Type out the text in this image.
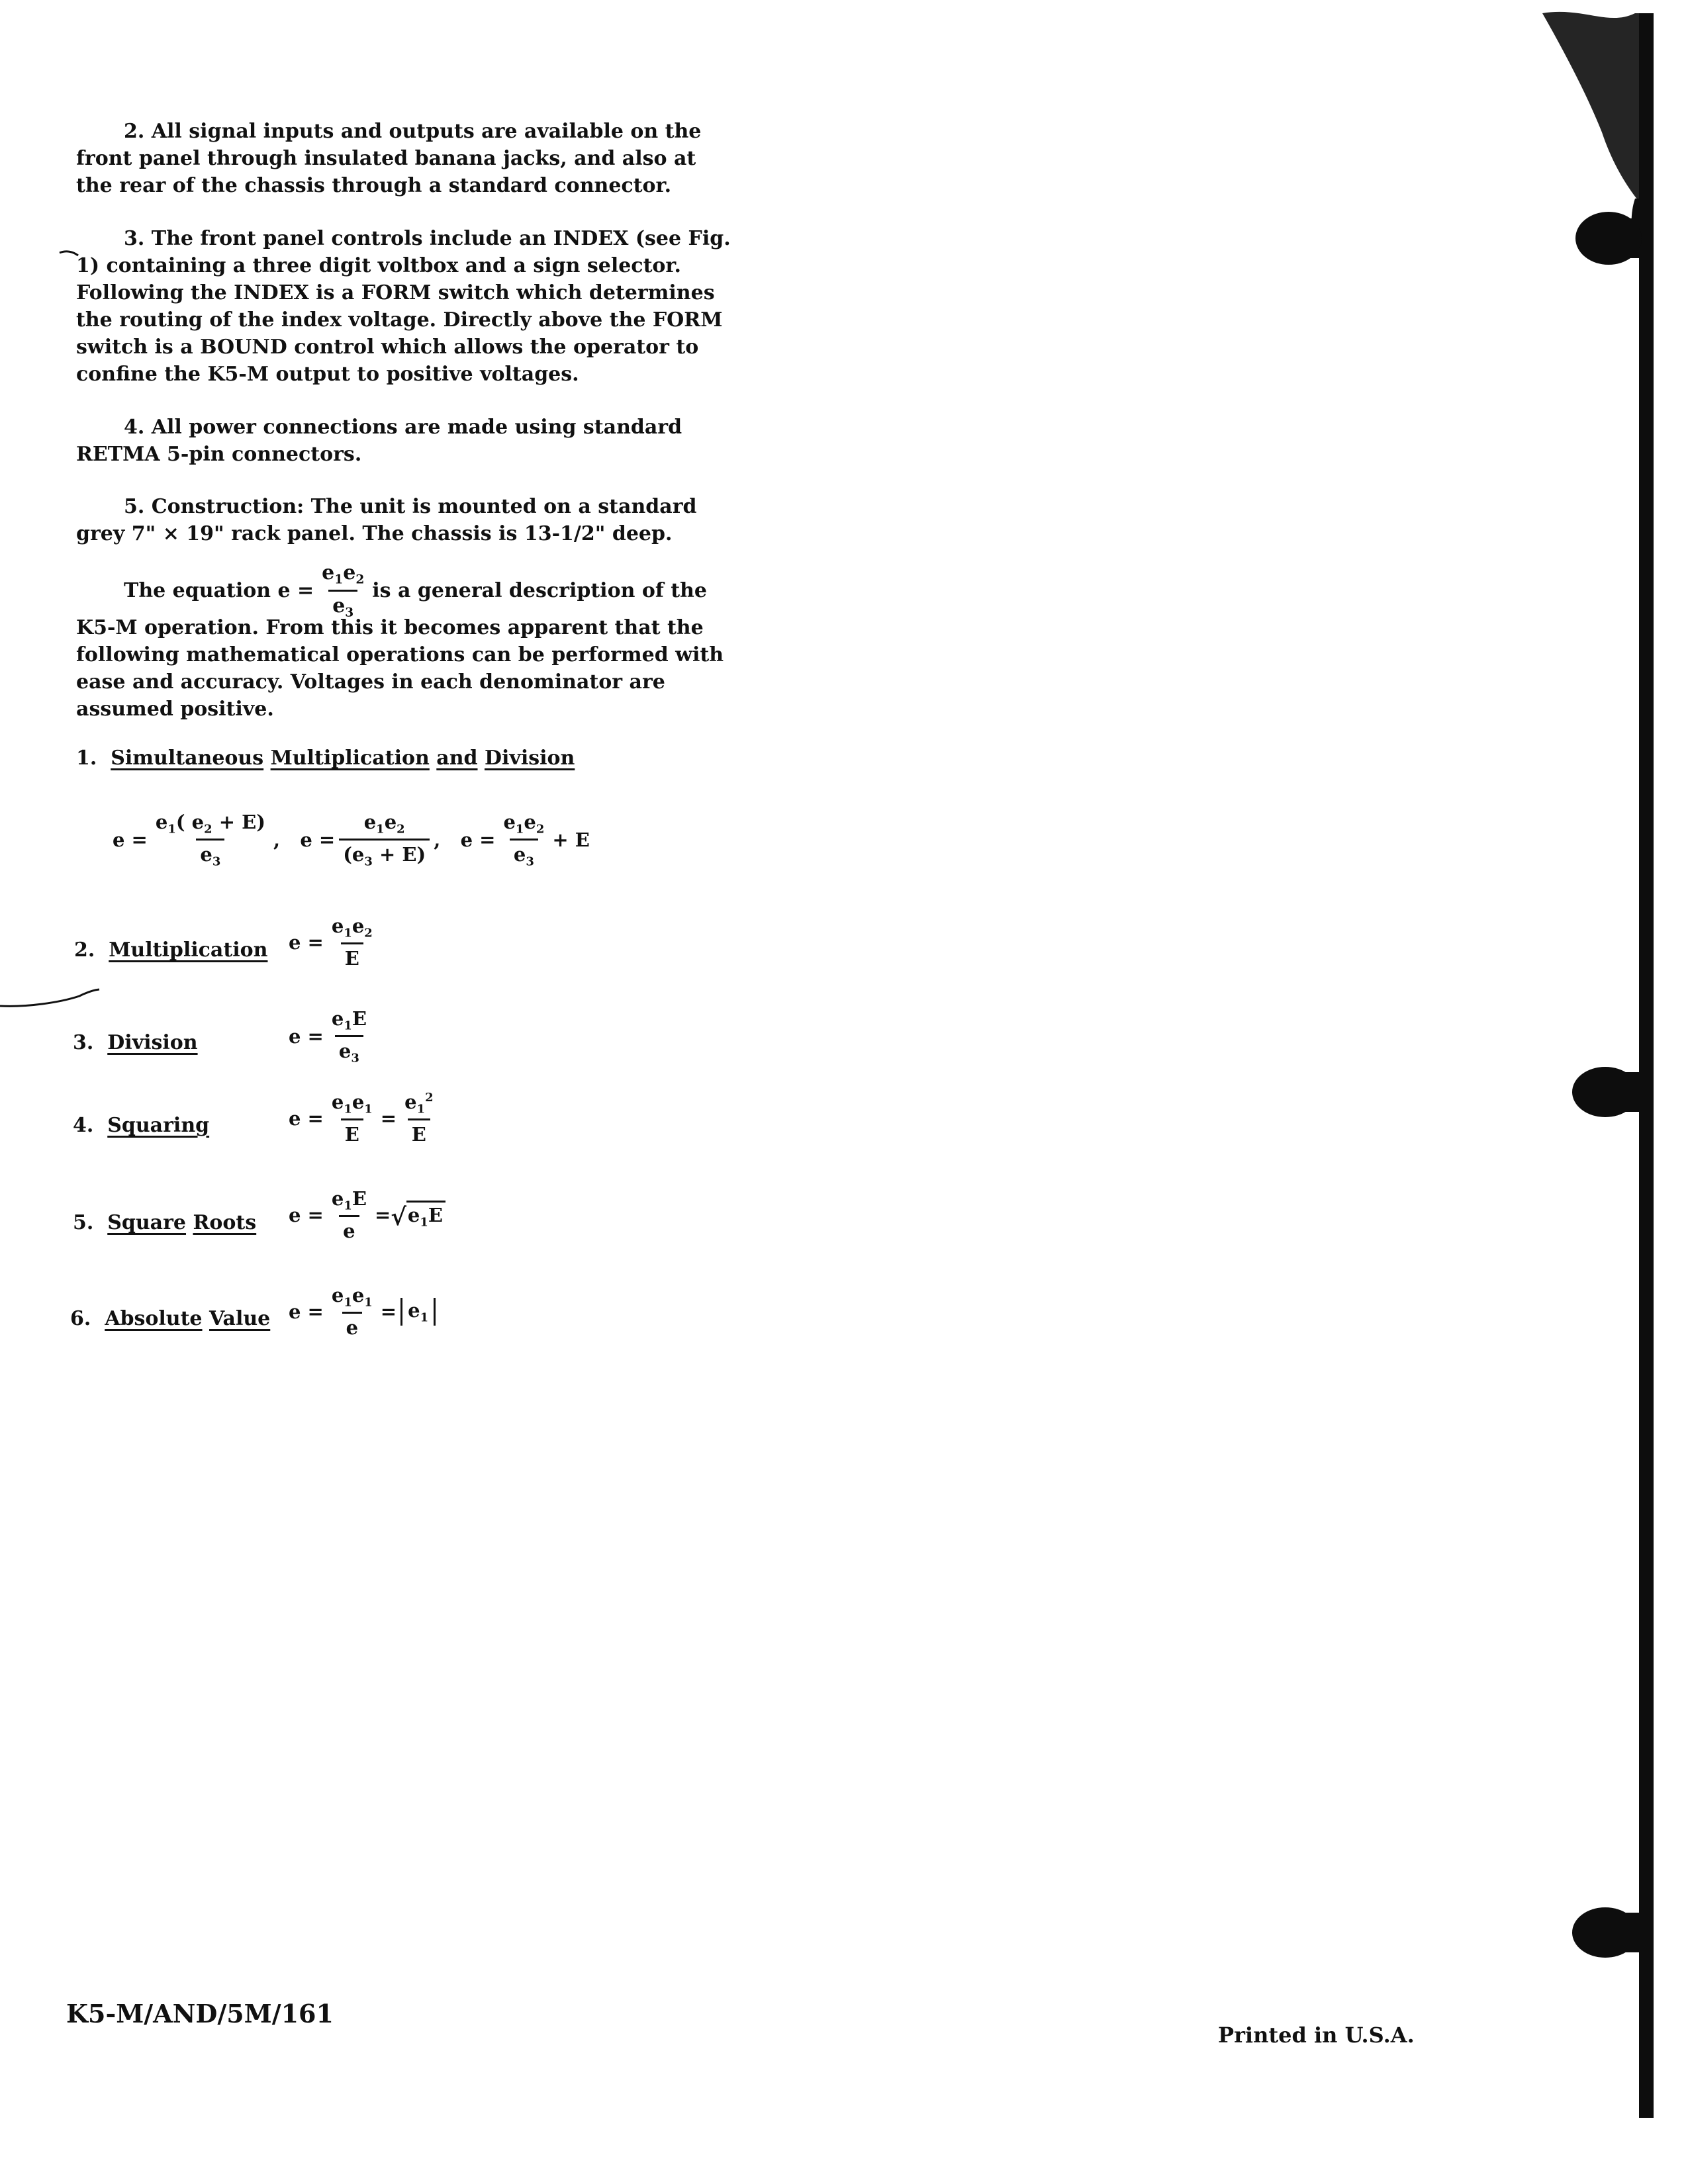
2. All signal inputs and outputs are available on the front panel through insulated banana jacks, and also at the rear of the chassis through a standard connector.

3. The front panel controls include an INDEX (see Fig. 1) containing a three digit voltbox and a sign selector. Following the INDEX is a FORM switch which determines the routing of the index voltage. Directly above the FORM switch is a BOUND control which allows the operator to confine the K5-M output to positive voltages.

4. All power connections are made using standard RETMA 5-pin connectors.

5. Construction: The unit is mounted on a standard grey 7" × 19" rack panel. The chassis is 13-1/2" deep.

The equation $e = \frac{e_1e_2}{e_3}$ is a general description of the

K5-M operation. From this it becomes apparent that the following mathematical operations can be performed with ease and accuracy. Voltages in each denominator are assumed positive.

1. Simultaneous Multiplication and Division
$e = \frac{e_1( e_2 + E)}{e_3}$ ,   $e = \frac{e_1e_2}{(e_3 + E)}$ ,   $e = \frac{e_1e_2}{e_3} + E$
2. Multiplication $e = \frac{e_1e_2}{E}$
3. Division	$e = \frac{e_1E}{e_3}$
4. Squaring	$e = \frac{e_1e_1}{E} = \frac{e_1^2}{E}$
5. Square Roots $e = \frac{e_1E}{e}$ = √ $e_1E$
6. Absolute Value $e = \frac{e_1e_1}{e} = e_1$
K5-M/AND/5M/161
Printed in U.S.A.
